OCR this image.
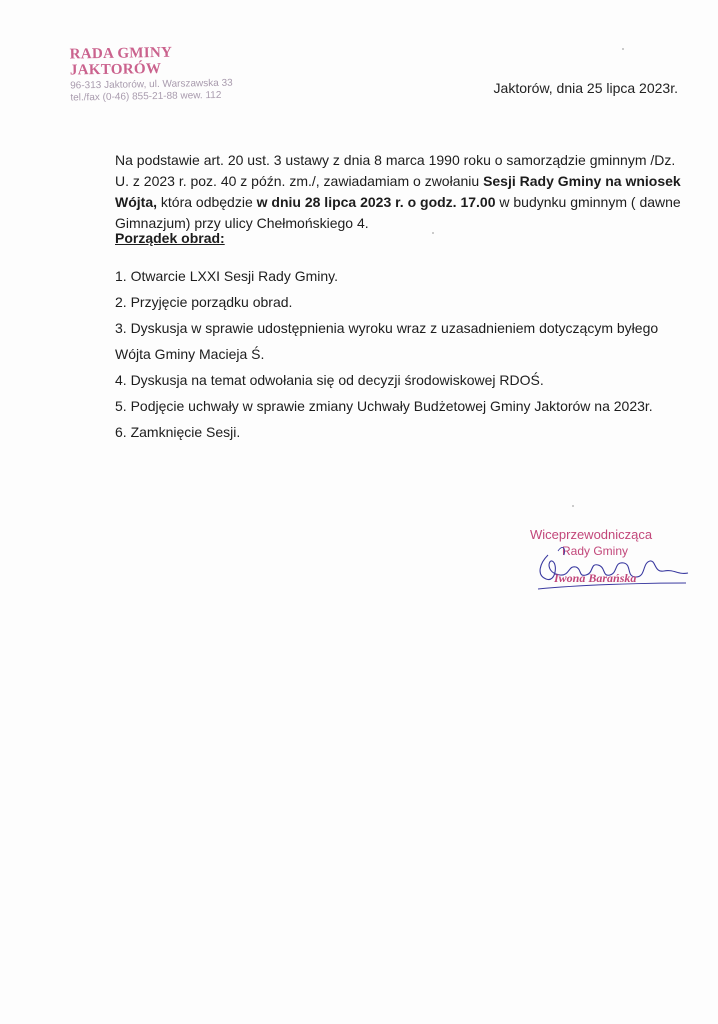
RADA GMINY JAKTORÓW
96-313 Jaktorów, ul. Warszawska 33
tel./fax (0-46) 855-21-88 wew. 112
Jaktorów, dnia 25 lipca 2023r.
Na podstawie art. 20 ust. 3 ustawy z dnia 8 marca 1990 roku o samorządzie gminnym /Dz. U. z 2023 r. poz. 40 z późn. zm./, zawiadamiam o zwołaniu Sesji Rady Gminy na wniosek Wójta, która odbędzie w dniu 28 lipca 2023 r. o godz. 17.00 w budynku gminnym ( dawne Gimnazjum) przy ulicy Chełmońskiego 4.
Porządek obrad:
1. Otwarcie LXXI Sesji Rady Gminy.
2. Przyjęcie porządku obrad.
3. Dyskusja w sprawie udostępnienia wyroku wraz z uzasadnieniem dotyczącym byłego Wójta Gminy Macieja Ś.
4. Dyskusja na temat odwołania się od decyzji środowiskowej RDOŚ.
5. Podjęcie uchwały w sprawie zmiany Uchwały Budżetowej Gminy Jaktorów na 2023r.
6. Zamknięcie Sesji.
Wiceprzewodnicząca
Rady Gminy
Iwona Barańska
